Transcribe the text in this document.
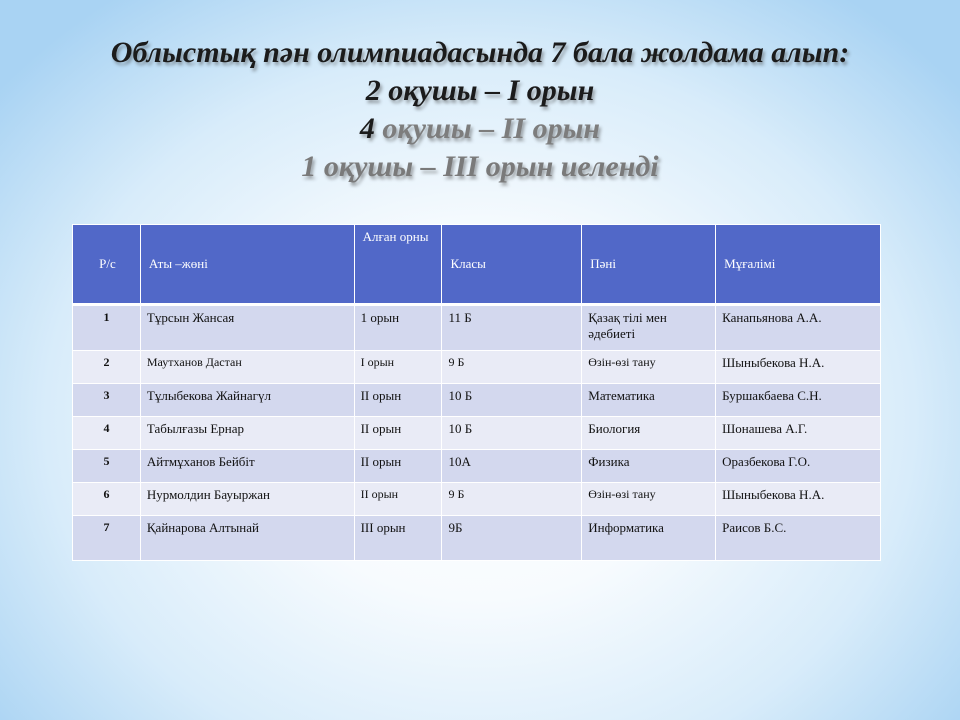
Облыстық пән олимпиадасында 7 бала жолдама алып:
2 оқушы – І орын
4 оқушы – ІІ орын
1 оқушы – ІІІ орын иеленді
Р/с	Аты –жөні	Алған орны	Класы	Пәні	Мұғалімі
1	Тұрсын Жансая	1 орын	11 Б	Қазақ тілі мен әдебиеті	Канапьянова А.А.
2	Маутханов Дастан	І орын	9 Б	Өзін-өзі тану	Шыныбекова Н.А.
3	Тұлыбекова Жайнагүл	ІІ орын	10 Б	Математика	Буршакбаева С.Н.
4	Табылғазы Ернар	ІІ орын	10 Б	Биология	Шонашева А.Г.
5	Айтмұханов Бейбіт	ІІ орын	10А	Физика	Оразбекова Г.О.
6	Нурмолдин Бауыржан	ІІ орын	9 Б	Өзін-өзі тану	Шыныбекова Н.А.
7	Қайнарова Алтынай	ІІІ орын	9Б	Информатика	Раисов Б.С.
